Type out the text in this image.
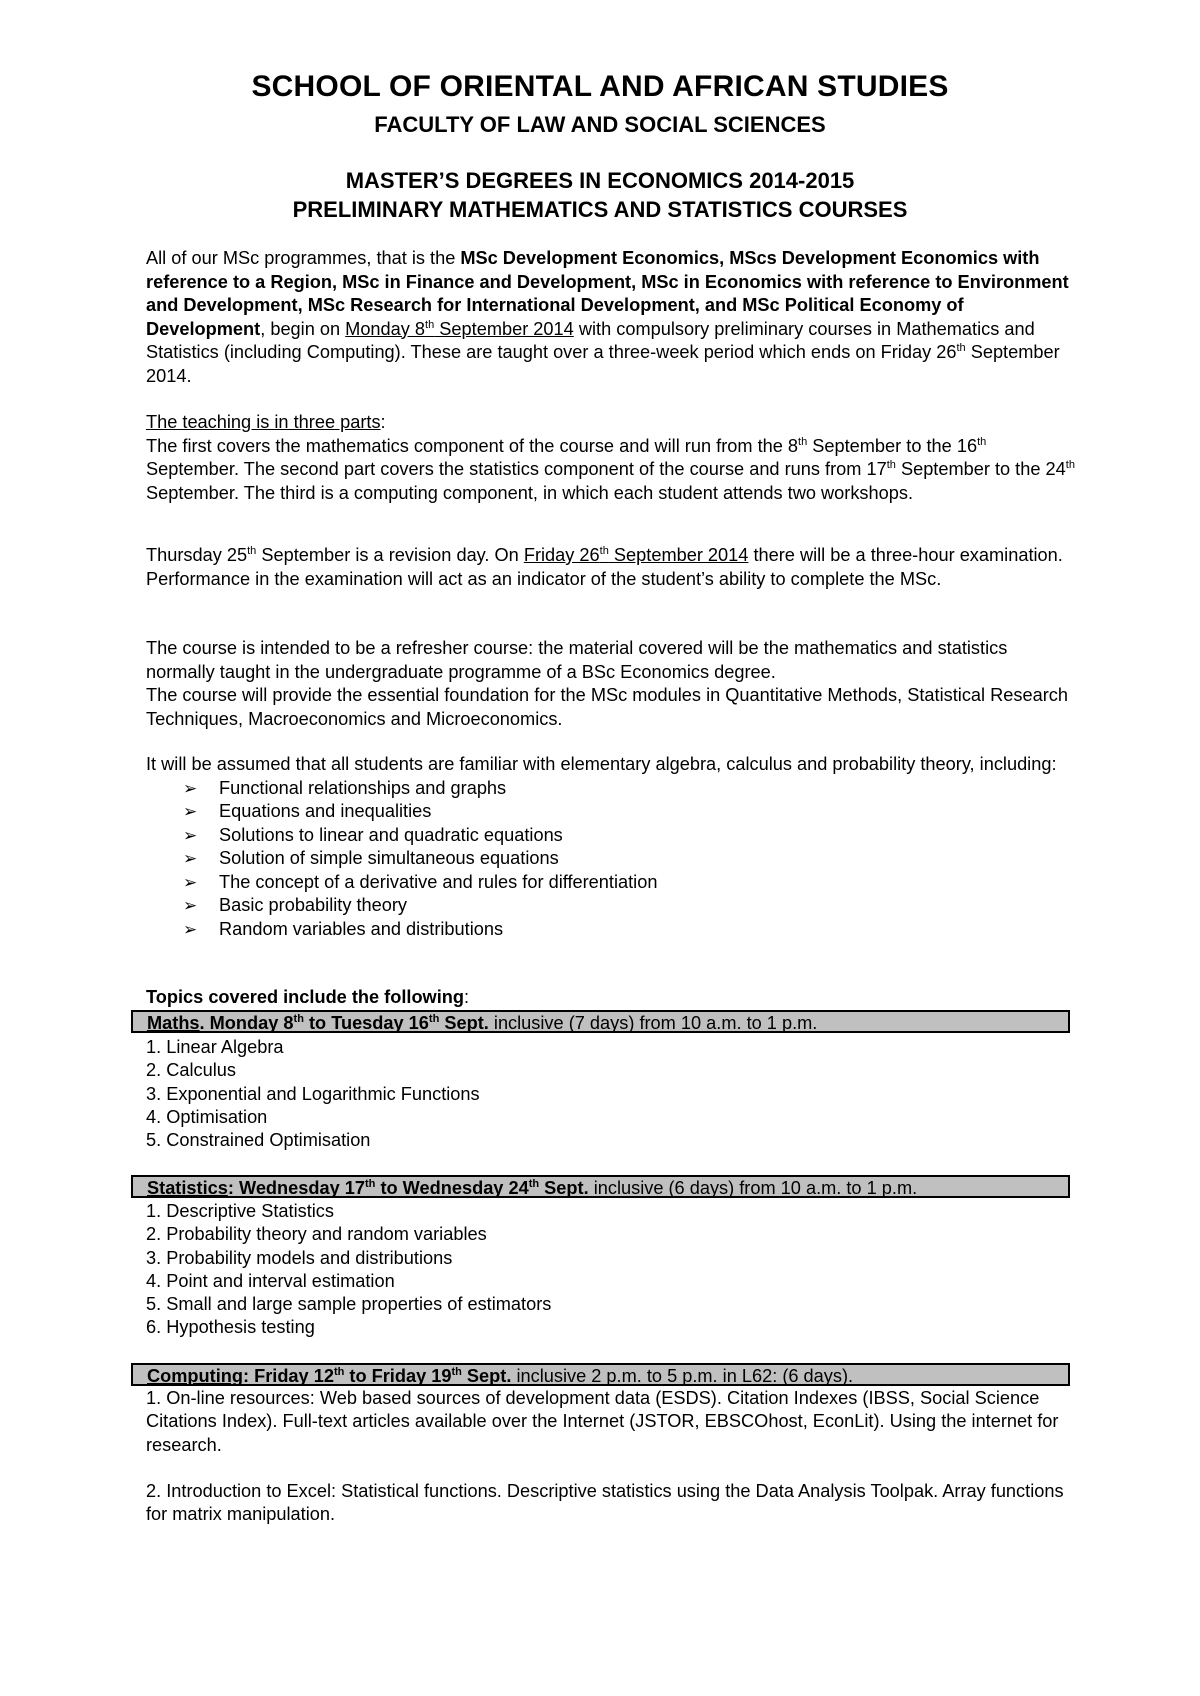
SCHOOL OF ORIENTAL AND AFRICAN STUDIES
FACULTY OF LAW AND SOCIAL SCIENCES
MASTER’S DEGREES IN ECONOMICS 2014-2015
PRELIMINARY MATHEMATICS AND STATISTICS COURSES

All of our MSc programmes, that is the MSc Development Economics, MScs Development Economics with reference to a Region, MSc in Finance and Development, MSc in Economics with reference to Environment and Development, MSc Research for International Development, and MSc Political Economy of Development, begin on Monday 8th September 2014 with compulsory preliminary courses in Mathematics and Statistics (including Computing). These are taught over a three-week period which ends on Friday 26th September 2014.

The teaching is in three parts:

The first covers the mathematics component of the course and will run from the 8th September to the 16th September. The second part covers the statistics component of the course and runs from 17th September to the 24th September. The third is a computing component, in which each student attends two workshops.

Thursday 25th September is a revision day. On Friday 26th September 2014 there will be a three-hour examination. Performance in the examination will act as an indicator of the student’s ability to complete the MSc.

The course is intended to be a refresher course: the material covered will be the mathematics and statistics normally taught in the undergraduate programme of a BSc Economics degree.

The course will provide the essential foundation for the MSc modules in Quantitative Methods, Statistical Research Techniques, Macroeconomics and Microeconomics.

It will be assumed that all students are familiar with elementary algebra, calculus and probability theory, including:

➢ Functional relationships and graphs
➢ Equations and inequalities
➢ Solutions to linear and quadratic equations
➢ Solution of simple simultaneous equations
➢ The concept of a derivative and rules for differentiation
➢ Basic probability theory
➢ Random variables and distributions

Topics covered include the following:

Maths. Monday 8th to Tuesday 16th Sept. inclusive (7 days) from 10 a.m. to 1 p.m.
1. Linear Algebra
2. Calculus
3. Exponential and Logarithmic Functions
4. Optimisation
5. Constrained Optimisation
Statistics: Wednesday 17th to Wednesday 24th Sept. inclusive (6 days) from 10 a.m. to 1 p.m.
1. Descriptive Statistics
2. Probability theory and random variables
3. Probability models and distributions
4. Point and interval estimation
5. Small and large sample properties of estimators
6. Hypothesis testing
Computing: Friday 12th to Friday 19th Sept. inclusive 2 p.m. to 5 p.m. in L62: (6 days).
1. On-line resources: Web based sources of development data (ESDS). Citation Indexes (IBSS, Social Science Citations Index). Full-text articles available over the Internet (JSTOR, EBSCOhost, EconLit). Using the internet for research.
2. Introduction to Excel: Statistical functions. Descriptive statistics using the Data Analysis Toolpak. Array functions for matrix manipulation.
